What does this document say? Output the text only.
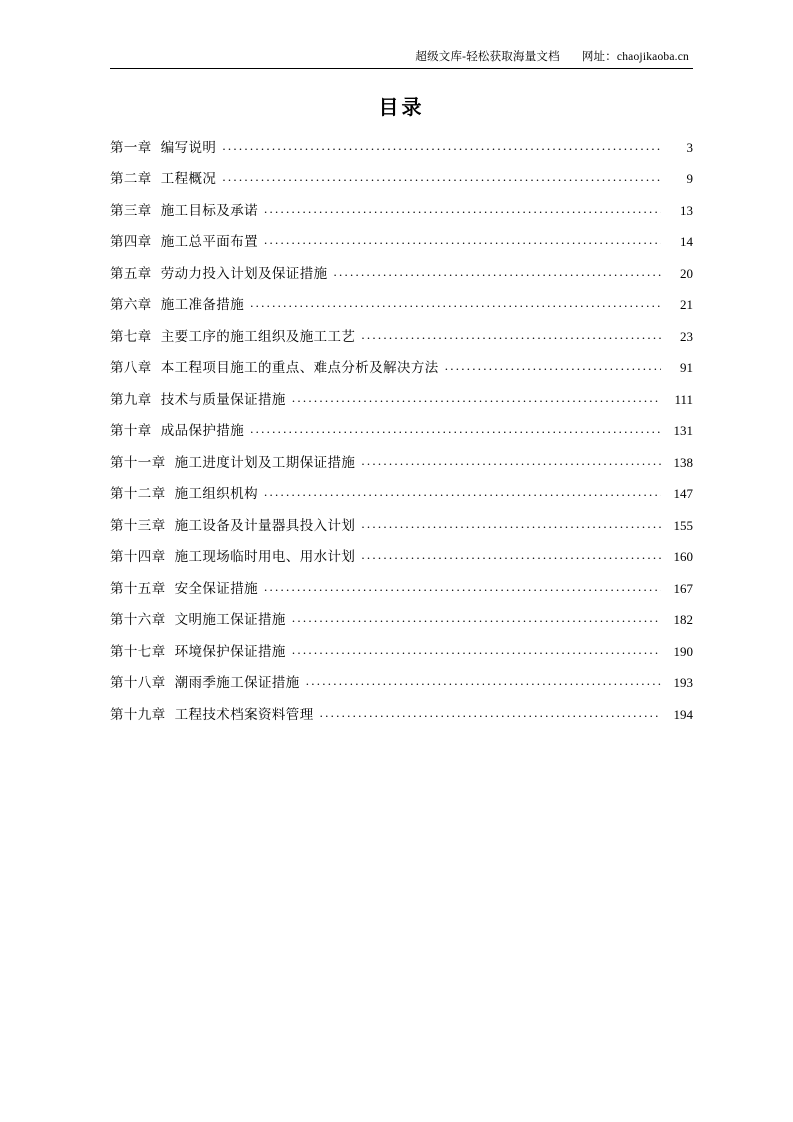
超级文库-轻松获取海量文档 网址：chaojikaoba.cn
目录
第一章 编写说明 . . .	3
第二章 工程概况 . . .	9
第三章 施工目标及承诺 . . .	13
第四章 施工总平面布置 . . .	14
第五章 劳动力投入计划及保证措施 . . .	20
第六章 施工准备措施 . . .	21
第七章 主要工序的施工组织及施工工艺 . . .	23
第八章 本工程项目施工的重点、难点分析及解决方法 . . .	91
第九章 技术与质量保证措施 . . .	111
第十章 成品保护措施 . . .	131
第十一章 施工进度计划及工期保证措施 . . .	138
第十二章 施工组织机构 . . .	147
第十三章 施工设备及计量器具投入计划 . . .	155
第十四章 施工现场临时用电、用水计划 . . .	160
第十五章 安全保证措施 . . .	167
第十六章 文明施工保证措施 . . .	182
第十七章 环境保护保证措施 . . .	190
第十八章 潮雨季施工保证措施 . . .	193
第十九章 工程技术档案资料管理 . . .	194
